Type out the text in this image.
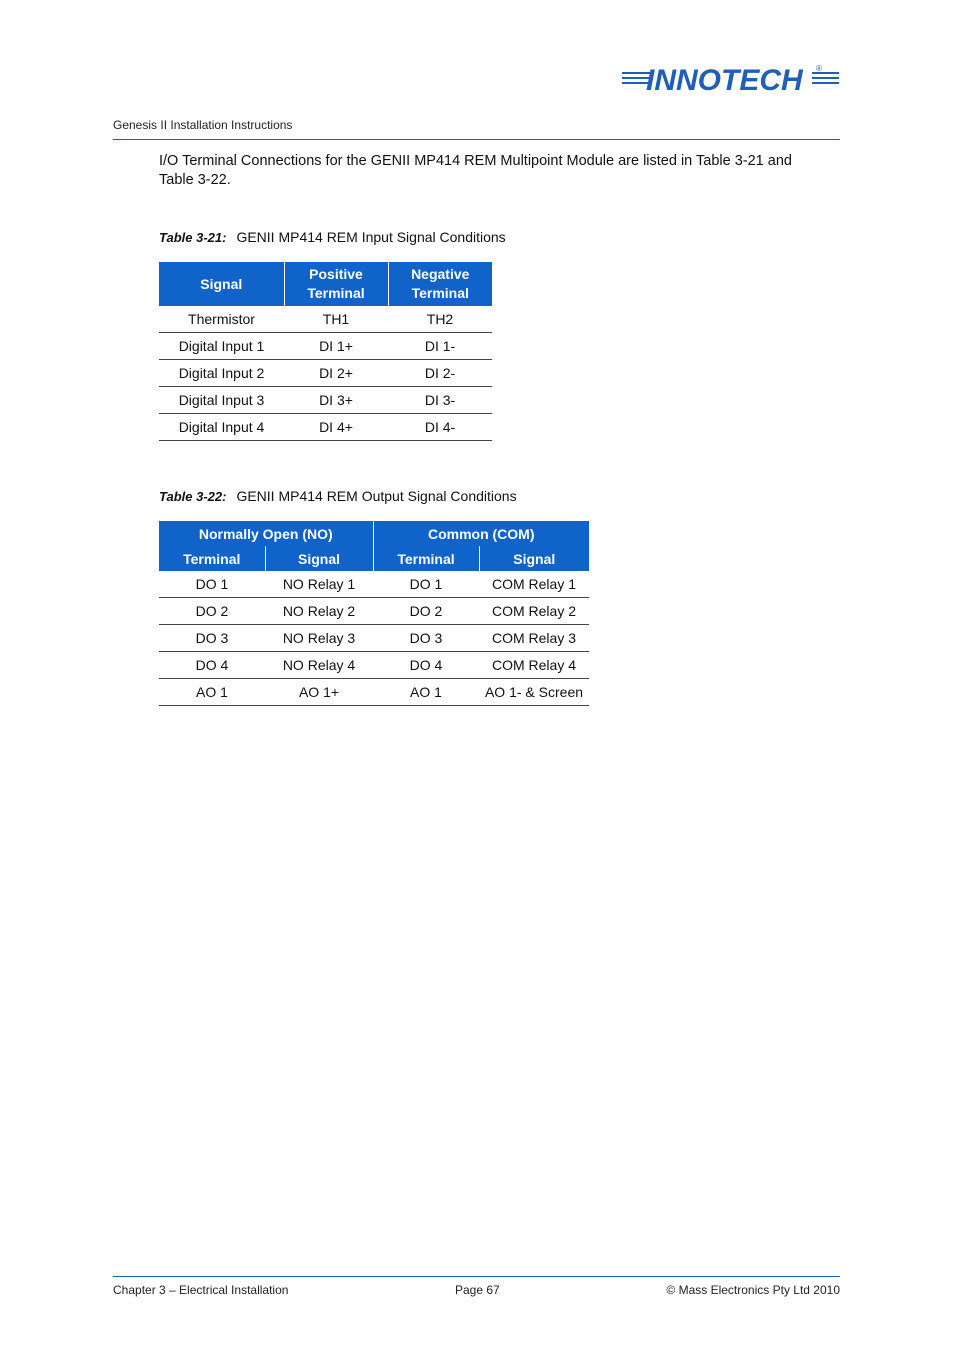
INNOTECH ®
Genesis II Installation Instructions
I/O Terminal Connections for the GENII MP414 REM Multipoint Module are listed in Table 3-21 and Table 3-22.
Table 3-21: GENII MP414 REM Input Signal Conditions
Signal	Positive Terminal	Negative Terminal
Thermistor	TH1	TH2
Digital Input 1	DI 1+	DI 1-
Digital Input 2	DI 2+	DI 2-
Digital Input 3	DI 3+	DI 3-
Digital Input 4	DI 4+	DI 4-
Table 3-22: GENII MP414 REM Output Signal Conditions
Normally Open (NO)		Common (COM)	
Terminal	Signal	Terminal	Signal
DO 1	NO Relay 1	DO 1	COM Relay 1
DO 2	NO Relay 2	DO 2	COM Relay 2
DO 3	NO Relay 3	DO 3	COM Relay 3
DO 4	NO Relay 4	DO 4	COM Relay 4
AO 1	AO 1+	AO 1	AO 1- & Screen
Chapter 3 – Electrical Installation	Page 67	© Mass Electronics Pty Ltd 2010
